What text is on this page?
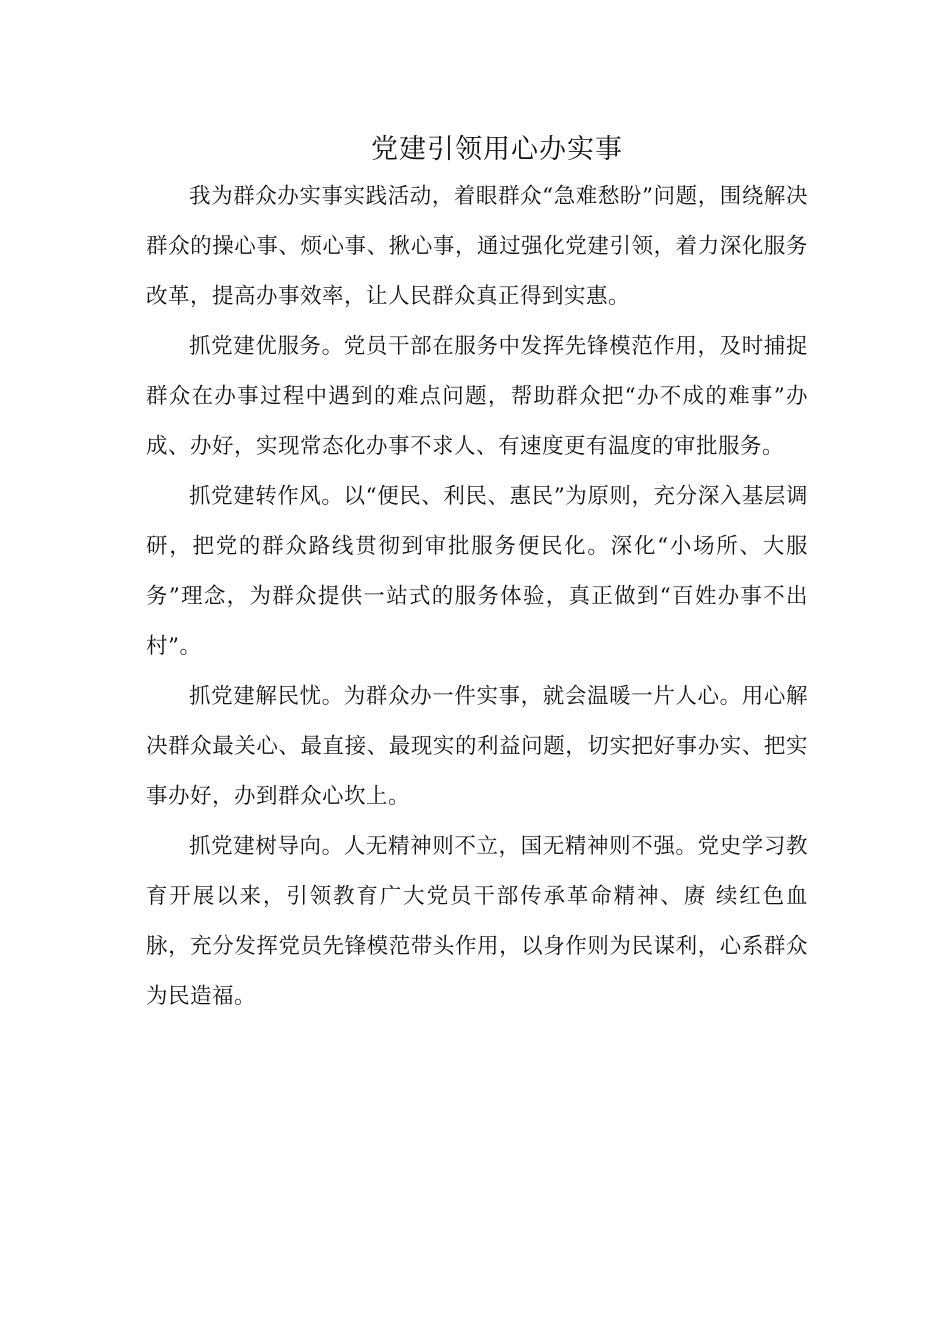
党建引领用心办实事

我为群众办实事实践活动，着眼群众“急难愁盼”问题，围绕解决群众的操心事、烦心事、揪心事，通过强化党建引领，着力深化服务改革，提高办事效率，让人民群众真正得到实惠。

抓党建优服务。党员干部在服务中发挥先锋模范作用，及时捕捉群众在办事过程中遇到的难点问题，帮助群众把“办不成的难事”办成、办好，实现常态化办事不求人、有速度更有温度的审批服务。

抓党建转作风。以“便民、利民、惠民”为原则，充分深入基层调研，把党的群众路线贯彻到审批服务便民化。深化“小场所、大服务”理念，为群众提供一站式的服务体验，真正做到“百姓办事不出村”。

抓党建解民忧。为群众办一件实事，就会温暖一片人心。用心解决群众最关心、最直接、最现实的利益问题，切实把好事办实、把实事办好，办到群众心坎上。

抓党建树导向。人无精神则不立，国无精神则不强。党史学习教育开展以来，引领教育广大党员干部传承革命精神、赓 续红色血脉，充分发挥党员先锋模范带头作用，以身作则为民谋利，心系群众为民造福。
